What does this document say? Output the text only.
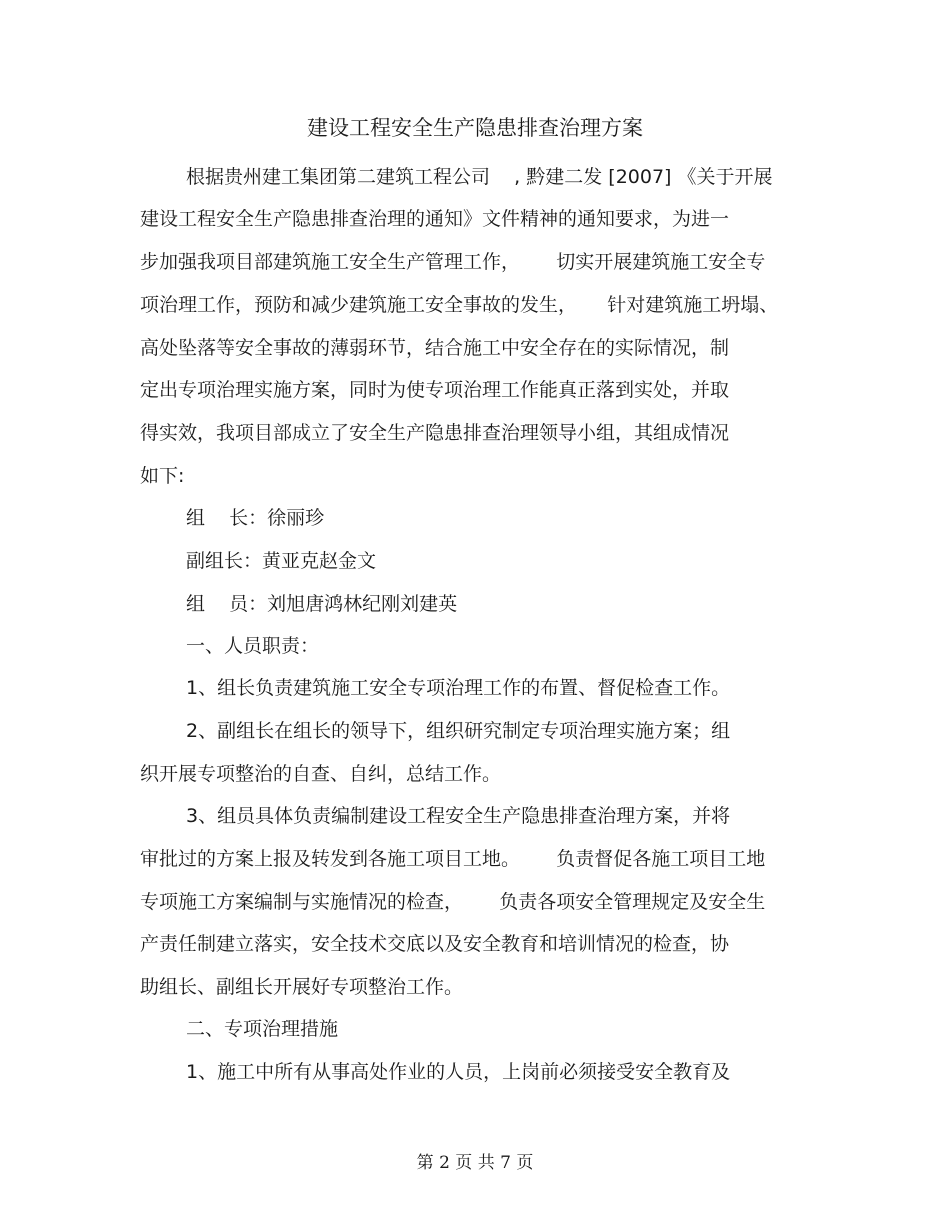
建设工程安全生产隐患排查治理方案
根据贵州建工集团第二建筑工程公司    , 黔建二发 [2007] 《关于开展
建设工程安全生产隐患排查治理的通知》文件精神的通知要求，为进一
步加强我项目部建筑施工安全生产管理工作，      切实开展建筑施工安全专
项治理工作，预防和减少建筑施工安全事故的发生，     针对建筑施工坍塌、
高处坠落等安全事故的薄弱环节，结合施工中安全存在的实际情况，制
定出专项治理实施方案，同时为使专项治理工作能真正落到实处，并取
得实效，我项目部成立了安全生产隐患排查治理领导小组，其组成情况
如下:
组    长：徐丽珍
副组长：黄亚克赵金文
组    员：刘旭唐鸿林纪刚刘建英
一、人员职责：
1、组长负责建筑施工安全专项治理工作的布置、督促检查工作。
2、副组长在组长的领导下，组织研究制定专项治理实施方案；组
织开展专项整治的自查、自纠，总结工作。
3、组员具体负责编制建设工程安全生产隐患排查治理方案，并将
审批过的方案上报及转发到各施工项目工地。      负责督促各施工项目工地
专项施工方案编制与实施情况的检查，      负责各项安全管理规定及安全生
产责任制建立落实，安全技术交底以及安全教育和培训情况的检查，协
助组长、副组长开展好专项整治工作。
二、专项治理措施
1、施工中所有从事高处作业的人员，上岗前必须接受安全教育及
第 2 页 共 7 页
